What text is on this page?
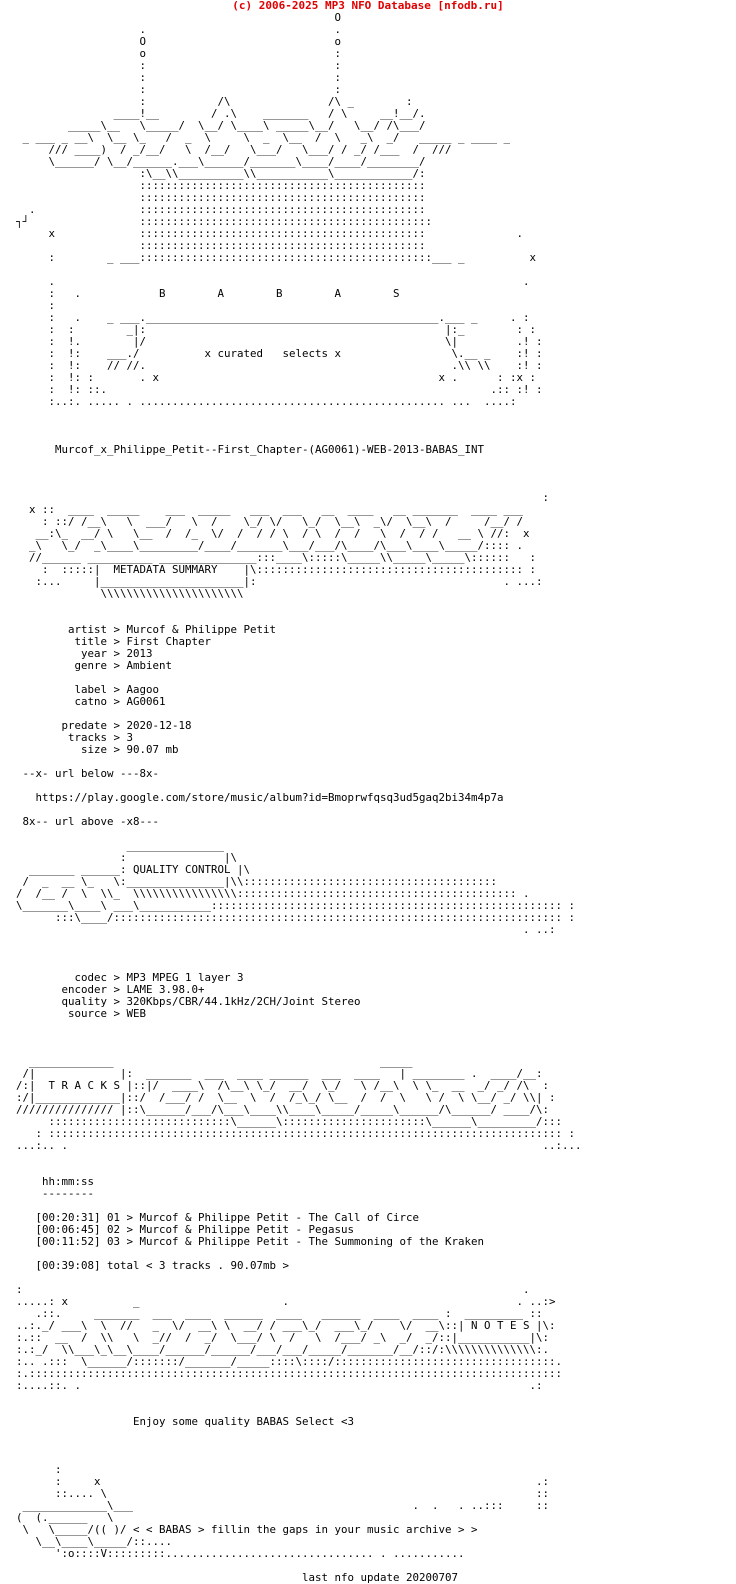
(c) 2006-2025 MP3 NFO Database [nfodb.ru]
O
.                             .
O                             o
o                             :
:                             :
:                             :
:                             :
:           /\               /\ _        :
____!__        / .\    _______   / \     __!__/.
_____\__   \_____/  \__/ \____\ _____\__/   \__/ /\___/
_ ___ _ __\  \__ \_   /  _  \     \  _  \__  /  \   _\  _/   _____ _ ____ _
/// ____)  / _/__/   \  /__/   \___/   \___/ / _/ /___  /  ///
\______/ \__/______.___\______/_______\____/____/________/
:\__\\__________\\___________\____________/:
::::::::::::::::::::::::::::::::::::::::::::
::::::::::::::::::::::::::::::::::::::::::::
.                ::::::::::::::::::::::::::::::::::::::::::::
┐┘                 :::::::::::::::::::::::::::::::::::::::::::::
x             ::::::::::::::::::::::::::::::::::::::::::::              .
::::::::::::::::::::::::::::::::::::::::::::
:        _ ___:::::::::::::::::::::::::::::::::::::::::::::___ _          x

.                                                                        .
:   .            B        A        B        A        S
:
:   .    _ ___._____________________________________________.___ _     . :
:  :        _|:                                              |:_        : :
:  !.        |/                                              \|         .! :
:  !:    ___./          x curated   selects x                 \.__ _    :! :
:  !:    // //.                                               .\\ \\    :! :
:  !: :       . x                                           x .      : :x :
:  !: ::.                                                           .:: :! :
:..:. ..... . ............................................... ...  ....:

Murcof_x_Philippe_Petit--First_Chapter-(AG0061)-WEB-2013-BABAS_INT

:
x ::  ____  _____    ___  _____   ___  ___   __  ____   __ _______  ____ ___
: ::/ /__\   \  ___/   \  /    \_/ \/   \_/  \__\  _\/  \__\  /     /__/ /
__:\_  __/ \   \__  /  /_  \/  /  / / \  / \  /  /   \  /  / /   __ \ //:  x
_\   \_/  _\____\_________/____/_______\___/___/\____/\___\____\_____/:::: .
//______ __________ _______________:::____\:::::\_____\\_____\_____\::::::   :
:  :::::|  METADATA SUMMARY    |\::::::::::::::::::::::::::::::::::::::::: :
:...     |______________________|:                                      . ...:
\\\\\\\\\\\\\\\\\\\\\\

artist > Murcof & Philippe Petit
title > First Chapter
year > 2013
genre > Ambient

label > Aagoo
catno > AG0061

predate > 2020-12-18
tracks > 3
size > 90.07 mb

--x- url below ---8x-

https://play.google.com/store/music/album?id=Bmoprwfqsq3ud5gaq2bi34m4p7a

8x-- url above -x8---

_______________
:               |\
_______ ______: QUALITY CONTROL |\
/  _  __ \_   \:_______________|\\:::::::::::::::::::::::::::::::::::::::
/  /__ /  \  \\_  \\\\\\\\\\\\\\\\::::::::::::::::::::::::::::::::::::::::::: .
\_______\____\ ___\___________:::::::::::::::::::::::::::::::::::::::::::::::::::::: :
:::\____/::::::::::::::::::::::::::::::::::::::::::::::::::::::::::::::::::::: :
. ..:

codec > MP3 MPEG 1 layer 3
encoder > LAME 3.98.0+
quality > 320Kbps/CBR/44.1kHz/2CH/Joint Stereo
source > WEB

_____________                                         _____
/|             |:  _______  ___  ____ ______  ___  ____   | ________ .  ____/__:
/:|  T R A C K S |::|/  ____\  /\__\ \_/  __/  \_/   \ /__\  \ \_  __  _/ _/ /\  :
:/|_____________|::/  /___/ /  \__  \  /  /_\_/ \__  /  /  \   \ /  \ \__/ _/ \\| :
/////////////// |::\______/___/\___\____\\____\_____/_____\______/\______/ ____/\:
::::::::::::::::::::::::::::\______\::::::::::::::::::::::\______\_________/:::
: ::::::::::::::::::::::::::::::::::::::::::::::::::::::::::::::::::::::::::::::: :
...:.. .                                                                         ..:...

hh:mm:ss
--------

[00:20:31] 01 > Murcof & Philippe Petit - The Call of Circe
[00:06:45] 02 > Murcof & Philippe Petit - Pegasus
[00:11:52] 03 > Murcof & Philippe Petit - The Summoning of the Kraken

[00:39:08] total < 3 tracks . 90.07mb >

:                                                                             .
.....: x          _                      .                                   . ..:>
.::.     _______  ___  ____  ______  ____   ______  ____  ____ :  _________ ::
..:._/ ___\  \  //   _  \/  __\ \  __/ / ___\_/  ___\_/    \/  __\::| N O T E S |\:
:.::  __  /  \\   \  _//  /  _/  \___/ \  /   \  /___/ _\  _/  _/::|___________|\:
:.:_/  \\___\_\__\____/______/______/___/___/_____/_______/__/::/:\\\\\\\\\\\\\\:.
:.. .:::  \______/:::::::/_______/_____::::\::::/::::::::::::::::::::::::::::::::::.
:.::::::::::::::::::::::::::::::::::::::::::::::::::::::::::::::::::::::::::::::::::
:....::. .                                                                     .:

Enjoy some quality BABAS Select <3

:
:     x                                                                   .:
::.... \                                                                  ::
_____________\___                                           .  .   . ..:::     ::
(  (.______   \
\   \_____/(( )/ < < BABAS > fillin the gaps in your music archive > >
\__\____\_____/::....
':o::::V:::::::::................................ . ...........

last nfo update 20200707
